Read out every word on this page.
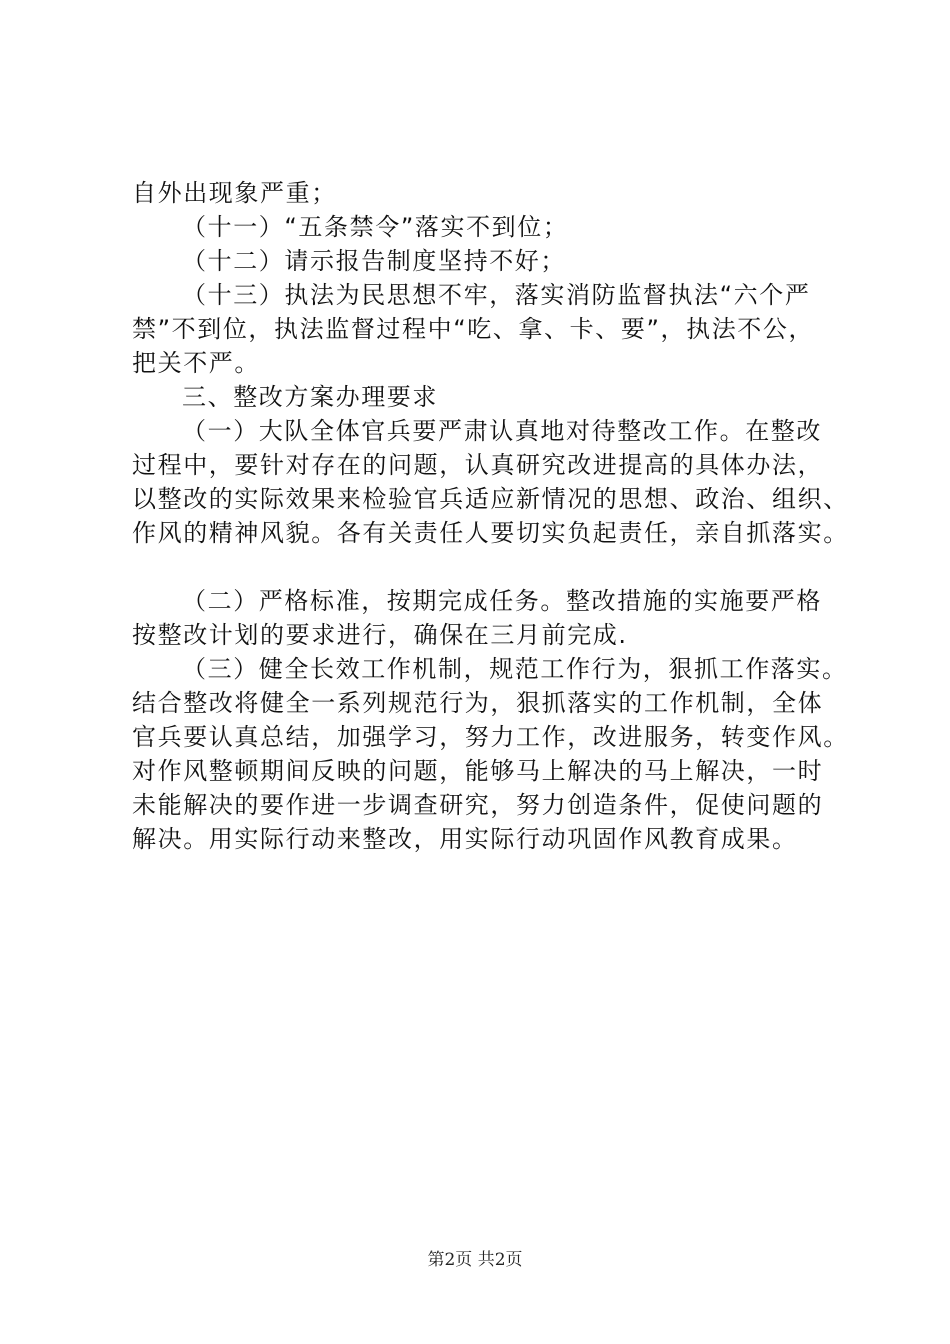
自外出现象严重；
（十一）“五条禁令”落实不到位；
（十二）请示报告制度坚持不好；
（十三）执法为民思想不牢，落实消防监督执法“六个严
禁”不到位，执法监督过程中“吃、拿、卡、要”，执法不公，
把关不严。
三、整改方案办理要求
（一）大队全体官兵要严肃认真地对待整改工作。在整改
过程中，要针对存在的问题，认真研究改进提高的具体办法，
以整改的实际效果来检验官兵适应新情况的思想、政治、组织、
作风的精神风貌。各有关责任人要切实负起责任，亲自抓落实。
（二）严格标准，按期完成任务。整改措施的实施要严格
按整改计划的要求进行，确保在三月前完成.
（三）健全长效工作机制，规范工作行为，狠抓工作落实。
结合整改将健全一系列规范行为，狠抓落实的工作机制，全体
官兵要认真总结，加强学习，努力工作，改进服务，转变作风。
对作风整顿期间反映的问题，能够马上解决的马上解决，一时
未能解决的要作进一步调查研究，努力创造条件，促使问题的
解决。用实际行动来整改，用实际行动巩固作风教育成果。
第2页 共2页
